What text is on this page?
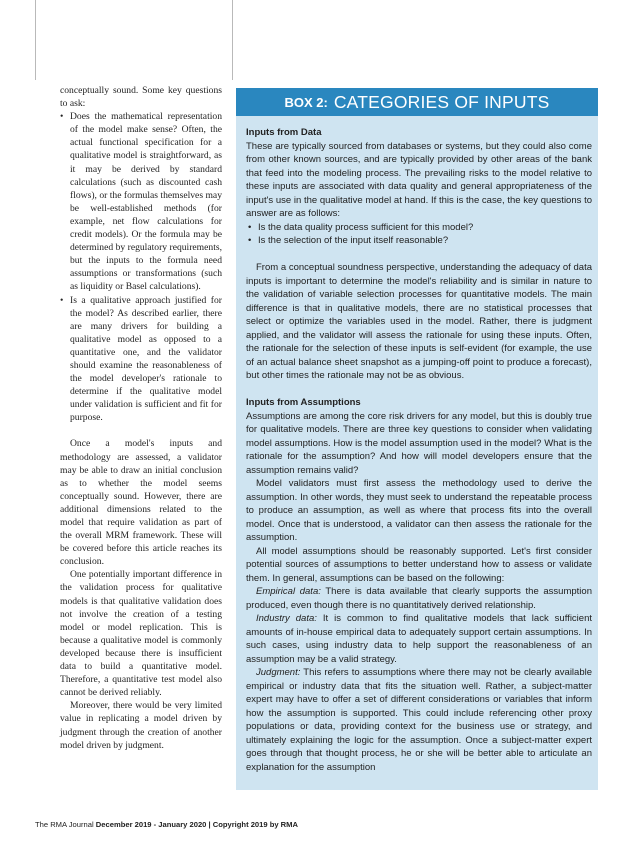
conceptually sound. Some key questions to ask:

• Does the mathematical representation of the model make sense? Often, the actual functional specification for a qualitative model is straightforward, as it may be derived by standard calculations (such as discounted cash flows), or the formulas themselves may be well-established methods (for example, net flow calculations for credit models). Or the formula may be determined by regulatory requirements, but the inputs to the formula need assumptions or transformations (such as liquidity or Basel calculations).
• Is a qualitative approach justified for the model? As described earlier, there are many drivers for building a qualitative model as opposed to a quantitative one, and the validator should examine the reasonableness of the model developer's rationale to determine if the qualitative model under validation is sufficient and fit for purpose.

Once a model's inputs and methodology are assessed, a validator may be able to draw an initial conclusion as to whether the model seems conceptually sound. However, there are additional dimensions related to the model that require validation as part of the overall MRM framework. These will be covered before this article reaches its conclusion.

One potentially important difference in the validation process for qualitative models is that qualitative validation does not involve the creation of a testing model or model replication. This is because a qualitative model is commonly developed because there is insufficient data to build a quantitative model. Therefore, a quantitative test model also cannot be derived reliably.

Moreover, there would be very limited value in replicating a model driven by judgment through the creation of another model driven by judgment.

BOX 2: CATEGORIES OF INPUTS
Inputs from Data

These are typically sourced from databases or systems, but they could also come from other known sources, and are typically provided by other areas of the bank that feed into the modeling process. The prevailing risks to the model relative to these inputs are associated with data quality and general appropriateness of the input's use in the qualitative model at hand. If this is the case, the key questions to answer are as follows:

• Is the data quality process sufficient for this model?
• Is the selection of the input itself reasonable?

From a conceptual soundness perspective, understanding the adequacy of data inputs is important to determine the model's reliability and is similar in nature to the validation of variable selection processes for quantitative models. The main difference is that in qualitative models, there are no statistical processes that select or optimize the variables used in the model. Rather, there is judgment applied, and the validator will assess the rationale for using these inputs. Often, the rationale for the selection of these inputs is self-evident (for example, the use of an actual balance sheet snapshot as a jumping-off point to produce a forecast), but other times the rationale may not be as obvious.

Inputs from Assumptions

Assumptions are among the core risk drivers for any model, but this is doubly true for qualitative models. There are three key questions to consider when validating model assumptions. How is the model assumption used in the model? What is the rationale for the assumption? And how will model developers ensure that the assumption remains valid?

Model validators must first assess the methodology used to derive the assumption. In other words, they must seek to understand the repeatable process to produce an assumption, as well as where that process fits into the overall model. Once that is understood, a validator can then assess the rationale for the assumption.

All model assumptions should be reasonably supported. Let's first consider potential sources of assumptions to better understand how to assess or validate them. In general, assumptions can be based on the following:

Empirical data: There is data available that clearly supports the assumption produced, even though there is no quantitatively derived relationship.

Industry data: It is common to find qualitative models that lack sufficient amounts of in-house empirical data to adequately support certain assumptions. In such cases, using industry data to help support the reasonableness of an assumption may be a valid strategy.

Judgment: This refers to assumptions where there may not be clearly available empirical or industry data that fits the situation well. Rather, a subject-matter expert may have to offer a set of different considerations or variables that inform how the assumption is supported. This could include referencing other proxy populations or data, providing context for the business use or strategy, and ultimately explaining the logic for the assumption. Once a subject-matter expert goes through that thought process, he or she will be better able to articulate an explanation for the assumption

The RMA Journal December 2019 - January 2020 | Copyright 2019 by RMA
